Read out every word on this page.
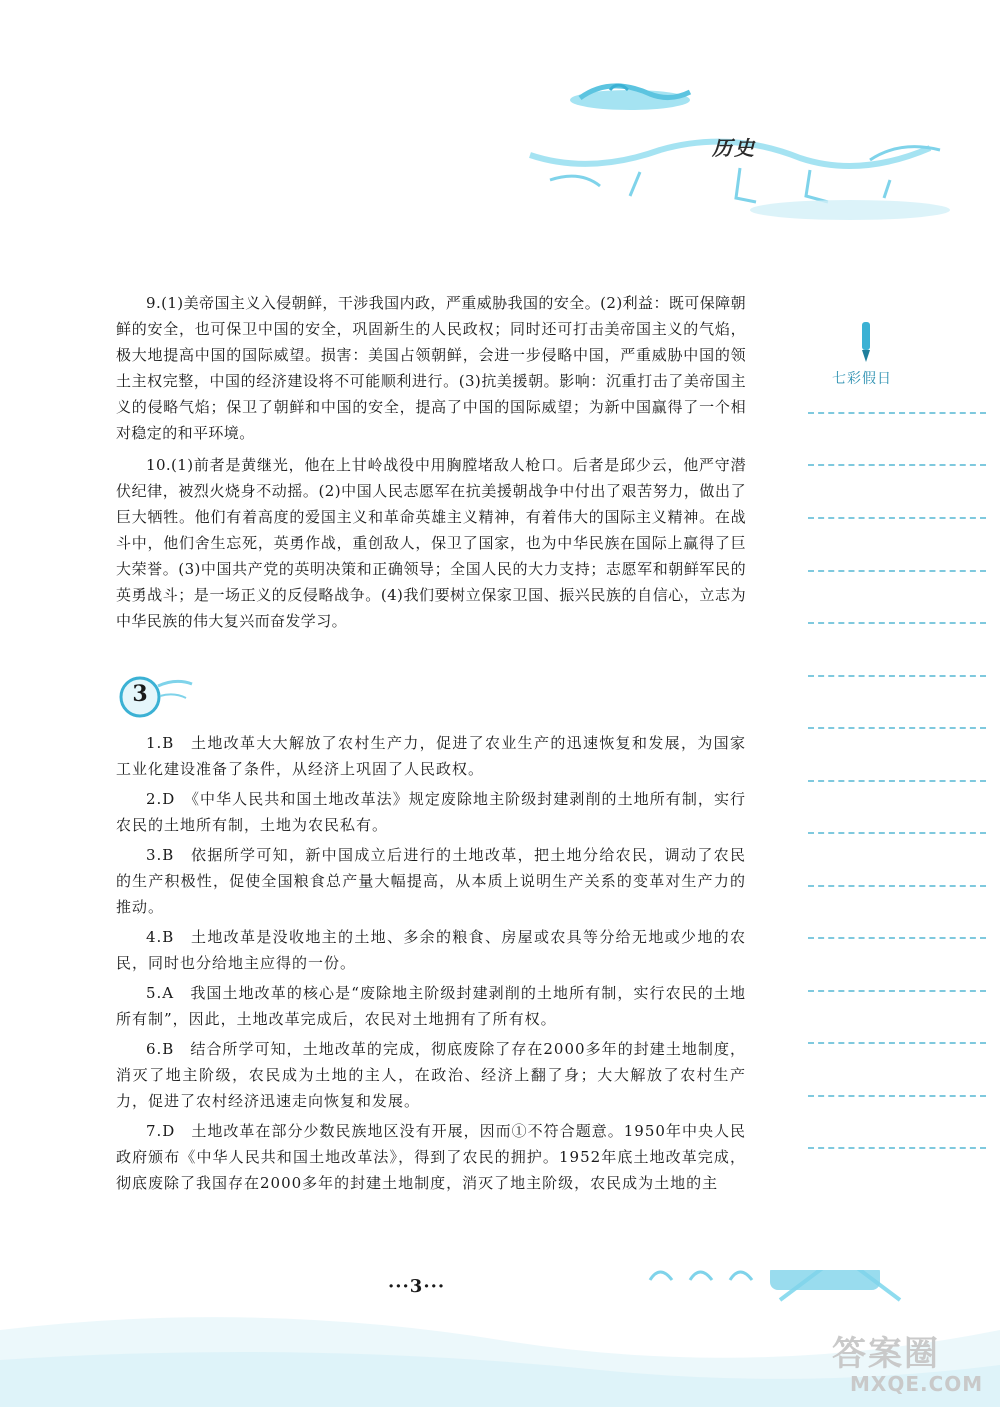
历史

9.(1)美帝国主义入侵朝鲜，干涉我国内政，严重威胁我国的安全。(2)利益：既可保障朝鲜的安全，也可保卫中国的安全，巩固新生的人民政权；同时还可打击美帝国主义的气焰，极大地提高中国的国际威望。损害：美国占领朝鲜，会进一步侵略中国，严重威胁中国的领土主权完整，中国的经济建设将不可能顺利进行。(3)抗美援朝。影响：沉重打击了美帝国主义的侵略气焰；保卫了朝鲜和中国的安全，提高了中国的国际威望；为新中国赢得了一个相对稳定的和平环境。

10.(1)前者是黄继光，他在上甘岭战役中用胸膛堵敌人枪口。后者是邱少云，他严守潜伏纪律，被烈火烧身不动摇。(2)中国人民志愿军在抗美援朝战争中付出了艰苦努力，做出了巨大牺牲。他们有着高度的爱国主义和革命英雄主义精神，有着伟大的国际主义精神。在战斗中，他们舍生忘死，英勇作战，重创敌人，保卫了国家，也为中华民族在国际上赢得了巨大荣誉。(3)中国共产党的英明决策和正确领导；全国人民的大力支持；志愿军和朝鲜军民的英勇战斗；是一场正义的反侵略战争。(4)我们要树立保家卫国、振兴民族的自信心，立志为中华民族的伟大复兴而奋发学习。

3

1.B　土地改革大大解放了农村生产力，促进了农业生产的迅速恢复和发展，为国家工业化建设准备了条件，从经济上巩固了人民政权。

2.D　《中华人民共和国土地改革法》规定废除地主阶级封建剥削的土地所有制，实行农民的土地所有制，土地为农民私有。

3.B　依据所学可知，新中国成立后进行的土地改革，把土地分给农民，调动了农民的生产积极性，促使全国粮食总产量大幅提高，从本质上说明生产关系的变革对生产力的推动。

4.B　土地改革是没收地主的土地、多余的粮食、房屋或农具等分给无地或少地的农民，同时也分给地主应得的一份。

5.A　我国土地改革的核心是“废除地主阶级封建剥削的土地所有制，实行农民的土地所有制”，因此，土地改革完成后，农民对土地拥有了所有权。

6.B　结合所学可知，土地改革的完成，彻底废除了存在2000多年的封建土地制度，消灭了地主阶级，农民成为土地的主人，在政治、经济上翻了身；大大解放了农村生产力，促进了农村经济迅速走向恢复和发展。

7.D　土地改革在部分少数民族地区没有开展，因而①不符合题意。1950年中央人民政府颁布《中华人民共和国土地改革法》，得到了农民的拥护。1952年底土地改革完成，彻底废除了我国存在2000多年的封建土地制度，消灭了地主阶级，农民成为土地的主

七彩假日
···3···
答案圈
MXQE.COM
